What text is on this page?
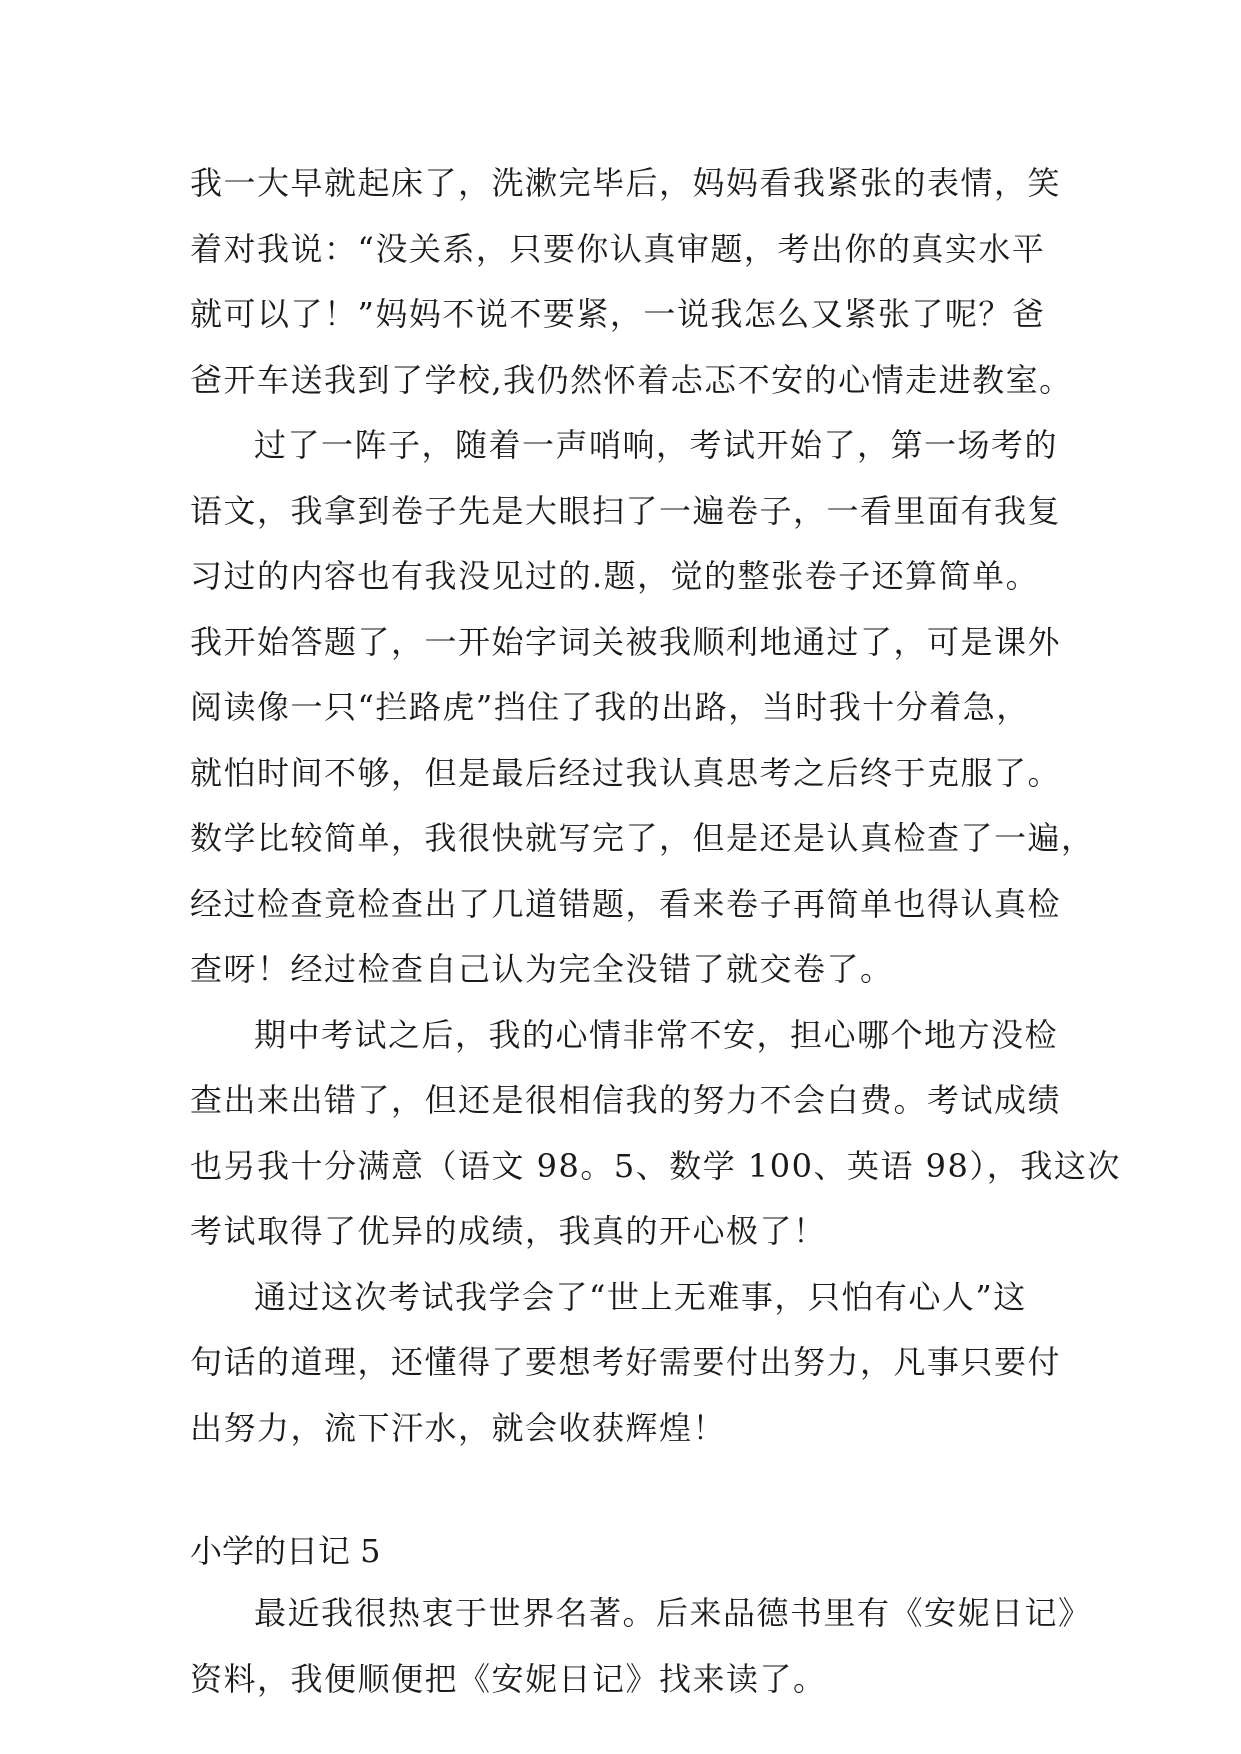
我一大早就起床了，洗漱完毕后，妈妈看我紧张的表情，笑
着对我说：“没关系，只要你认真审题，考出你的真实水平
就可以了！”妈妈不说不要紧，一说我怎么又紧张了呢？爸
爸开车送我到了学校,我仍然怀着忐忑不安的心情走进教室。
过了一阵子，随着一声哨响，考试开始了，第一场考的
语文，我拿到卷子先是大眼扫了一遍卷子，一看里面有我复
习过的内容也有我没见过的.题，觉的整张卷子还算简单。
我开始答题了，一开始字词关被我顺利地通过了，可是课外
阅读像一只“拦路虎”挡住了我的出路，当时我十分着急，
就怕时间不够，但是最后经过我认真思考之后终于克服了。
数学比较简单，我很快就写完了，但是还是认真检查了一遍，
经过检查竟检查出了几道错题，看来卷子再简单也得认真检
查呀！经过检查自己认为完全没错了就交卷了。
期中考试之后，我的心情非常不安，担心哪个地方没检
查出来出错了，但还是很相信我的努力不会白费。考试成绩
也另我十分满意（语文 98。5、数学 100、英语 98），我这次
考试取得了优异的成绩，我真的开心极了！
通过这次考试我学会了“世上无难事，只怕有心人”这
句话的道理，还懂得了要想考好需要付出努力，凡事只要付
出努力，流下汗水，就会收获辉煌！
小学的日记 5
最近我很热衷于世界名著。后来品德书里有《安妮日记》
资料，我便顺便把《安妮日记》找来读了。
